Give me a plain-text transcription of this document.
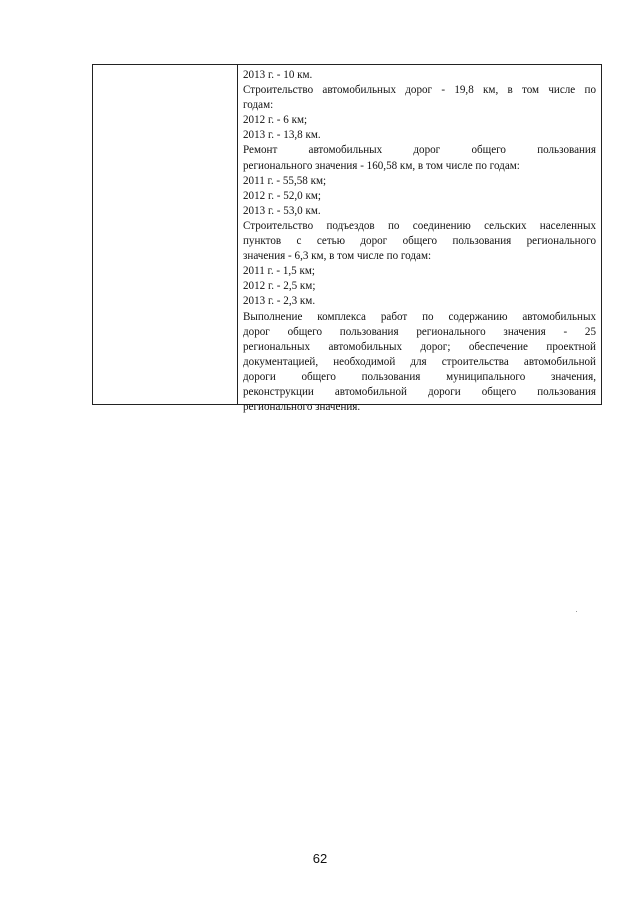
2013 г. - 10 км.
Строительство автомобильных дорог - 19,8 км, в том числе по
годам:
2012 г. - 6 км;
2013 г. - 13,8 км.
Ремонт	автомобильных	дорог	общего	пользования
регионального значения - 160,58 км, в том числе по годам:
2011 г. - 55,58 км;
2012 г. - 52,0 км;
2013 г. - 53,0 км.
Строительство подъездов по соединению сельских населенных
пунктов с сетью дорог общего пользования регионального
значения - 6,3 км, в том числе по годам:
2011 г. - 1,5 км;
2012 г. - 2,5 км;
2013 г. - 2,3 км.
Выполнение комплекса работ по содержанию автомобильных
дорог общего пользования регионального значения - 25
региональных автомобильных дорог; обеспечение проектной
документацией, необходимой для строительства автомобильной
дороги общего пользования муниципального значения,
реконструкции автомобильной дороги общего пользования
регионального значения.
62
